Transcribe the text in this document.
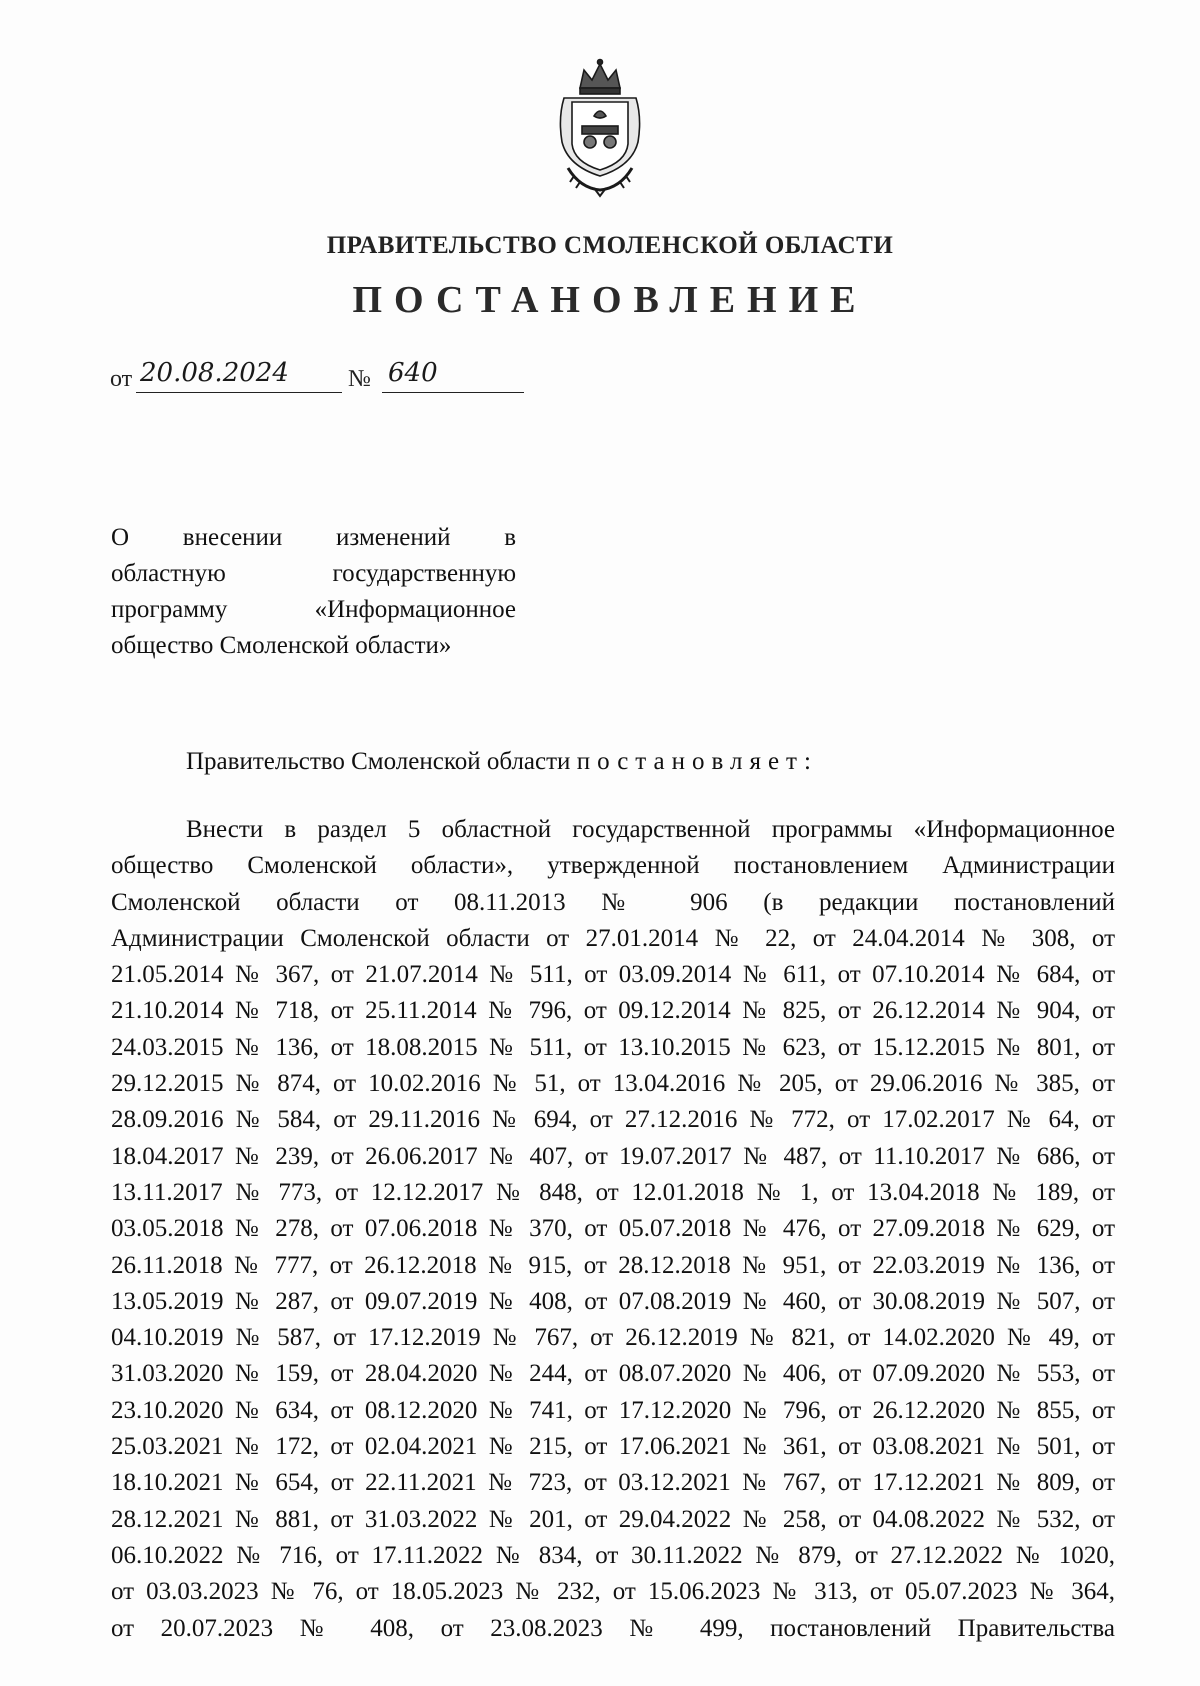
ПРАВИТЕЛЬСТВО СМОЛЕНСКОЙ ОБЛАСТИ
ПОСТАНОВЛЕНИЕ
от 20.08.2024 № 640
О внесении изменений в
областную государственную
программу «Информационное
общество Смоленской области»
Правительство Смоленской области постановляет:
Внести в раздел 5 областной государственной программы «Информационное
общество Смоленской области», утвержденной постановлением Администрации
Смоленской области от 08.11.2013 № 906 (в редакции постановлений
Администрации Смоленской области от 27.01.2014 № 22, от 24.04.2014 № 308, от
21.05.2014 № 367, от 21.07.2014 № 511, от 03.09.2014 № 611, от 07.10.2014 № 684, от
21.10.2014 № 718, от 25.11.2014 № 796, от 09.12.2014 № 825, от 26.12.2014 № 904, от
24.03.2015 № 136, от 18.08.2015 № 511, от 13.10.2015 № 623, от 15.12.2015 № 801, от
29.12.2015 № 874, от 10.02.2016 № 51, от 13.04.2016 № 205, от 29.06.2016 № 385, от
28.09.2016 № 584, от 29.11.2016 № 694, от 27.12.2016 № 772, от 17.02.2017 № 64, от
18.04.2017 № 239, от 26.06.2017 № 407, от 19.07.2017 № 487, от 11.10.2017 № 686, от
13.11.2017 № 773, от 12.12.2017 № 848, от 12.01.2018 № 1, от 13.04.2018 № 189, от
03.05.2018 № 278, от 07.06.2018 № 370, от 05.07.2018 № 476, от 27.09.2018 № 629, от
26.11.2018 № 777, от 26.12.2018 № 915, от 28.12.2018 № 951, от 22.03.2019 № 136, от
13.05.2019 № 287, от 09.07.2019 № 408, от 07.08.2019 № 460, от 30.08.2019 № 507, от
04.10.2019 № 587, от 17.12.2019 № 767, от 26.12.2019 № 821, от 14.02.2020 № 49, от
31.03.2020 № 159, от 28.04.2020 № 244, от 08.07.2020 № 406, от 07.09.2020 № 553, от
23.10.2020 № 634, от 08.12.2020 № 741, от 17.12.2020 № 796, от 26.12.2020 № 855, от
25.03.2021 № 172, от 02.04.2021 № 215, от 17.06.2021 № 361, от 03.08.2021 № 501, от
18.10.2021 № 654, от 22.11.2021 № 723, от 03.12.2021 № 767, от 17.12.2021 № 809, от
28.12.2021 № 881, от 31.03.2022 № 201, от 29.04.2022 № 258, от 04.08.2022 № 532, от
06.10.2022 № 716, от 17.11.2022 № 834, от 30.11.2022 № 879, от 27.12.2022 № 1020,
от 03.03.2023 № 76, от 18.05.2023 № 232, от 15.06.2023 № 313, от 05.07.2023 № 364,
от 20.07.2023 № 408, от 23.08.2023 № 499, постановлений Правительства
